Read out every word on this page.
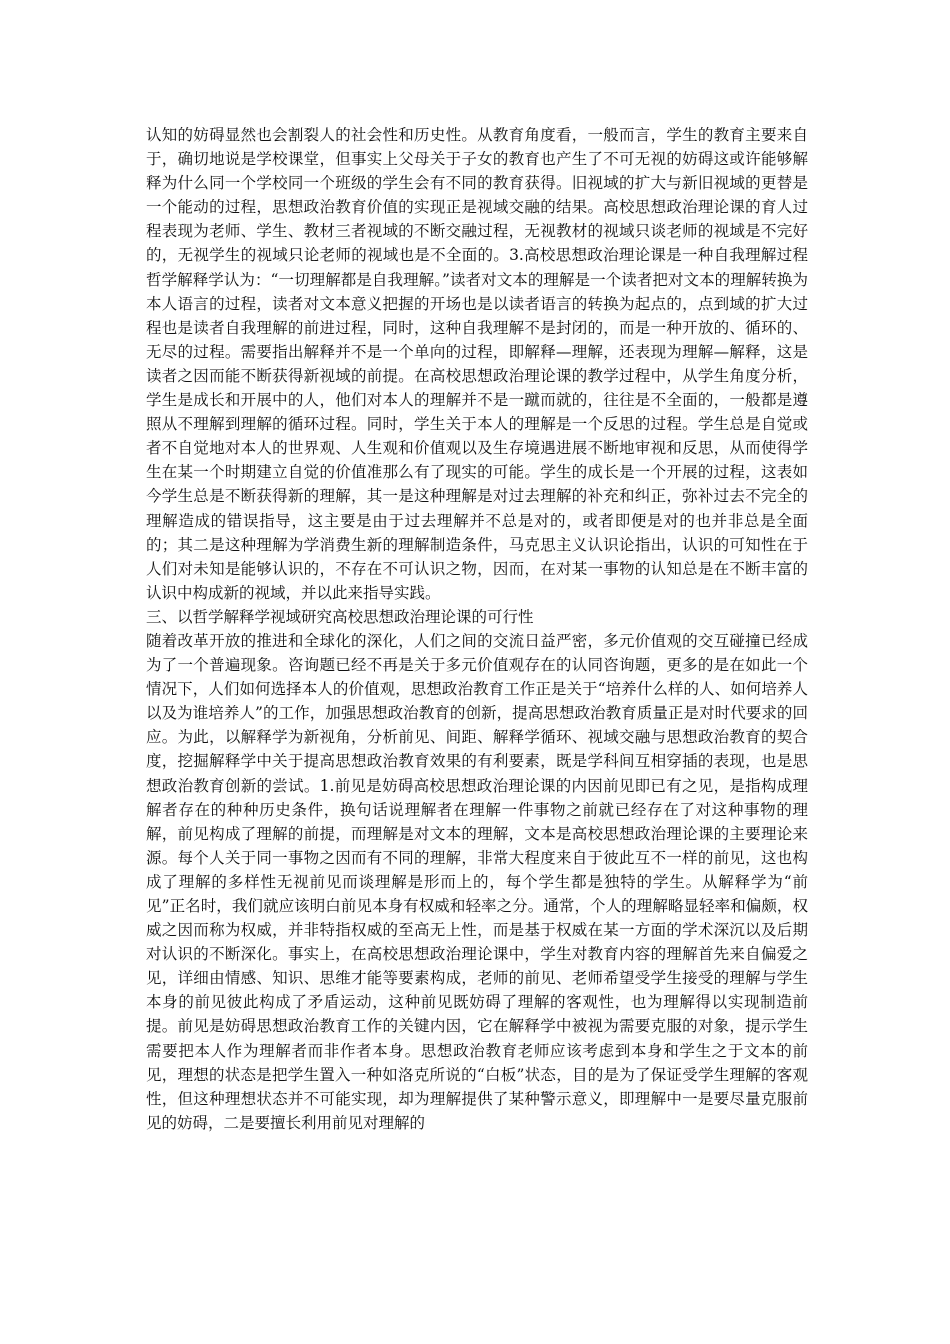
认知的妨碍显然也会割裂人的社会性和历史性。从教育角度看，一般而言，学生的教育主要来自于，确切地说是学校课堂，但事实上父母关于子女的教育也产生了不可无视的妨碍这或许能够解释为什么同一个学校同一个班级的学生会有不同的教育获得。旧视域的扩大与新旧视域的更替是一个能动的过程，思想政治教育价值的实现正是视域交融的结果。高校思想政治理论课的育人过程表现为老师、学生、教材三者视域的不断交融过程，无视教材的视域只谈老师的视域是不完好的，无视学生的视域只论老师的视域也是不全面的。3.高校思想政治理论课是一种自我理解过程哲学解释学认为：“一切理解都是自我理解。”读者对文本的理解是一个读者把对文本的理解转换为本人语言的过程，读者对文本意义把握的开场也是以读者语言的转换为起点的，点到域的扩大过程也是读者自我理解的前进过程，同时，这种自我理解不是封闭的，而是一种开放的、循环的、无尽的过程。需要指出解释并不是一个单向的过程，即解释—理解，还表现为理解—解释，这是读者之因而能不断获得新视域的前提。在高校思想政治理论课的教学过程中，从学生角度分析，学生是成长和开展中的人，他们对本人的理解并不是一蹴而就的，往往是不全面的，一般都是遵照从不理解到理解的循环过程。同时，学生关于本人的理解是一个反思的过程。学生总是自觉或者不自觉地对本人的世界观、人生观和价值观以及生存境遇进展不断地审视和反思，从而使得学生在某一个时期建立自觉的价值准那么有了现实的可能。学生的成长是一个开展的过程，这表如今学生总是不断获得新的理解，其一是这种理解是对过去理解的补充和纠正，弥补过去不完全的理解造成的错误指导，这主要是由于过去理解并不总是对的，或者即便是对的也并非总是全面的；其二是这种理解为学消费生新的理解制造条件，马克思主义认识论指出，认识的可知性在于人们对未知是能够认识的，不存在不可认识之物，因而，在对某一事物的认知总是在不断丰富的认识中构成新的视域，并以此来指导实践。

三、以哲学解释学视域研究高校思想政治理论课的可行性

随着改革开放的推进和全球化的深化，人们之间的交流日益严密，多元价值观的交互碰撞已经成为了一个普遍现象。咨询题已经不再是关于多元价值观存在的认同咨询题，更多的是在如此一个情况下，人们如何选择本人的价值观，思想政治教育工作正是关于“培养什么样的人、如何培养人以及为谁培养人”的工作，加强思想政治教育的创新，提高思想政治教育质量正是对时代要求的回应。为此，以解释学为新视角，分析前见、间距、解释学循环、视域交融与思想政治教育的契合度，挖掘解释学中关于提高思想政治教育效果的有利要素，既是学科间互相穿插的表现，也是思想政治教育创新的尝试。1.前见是妨碍高校思想政治理论课的内因前见即已有之见，是指构成理解者存在的种种历史条件，换句话说理解者在理解一件事物之前就已经存在了对这种事物的理解，前见构成了理解的前提，而理解是对文本的理解，文本是高校思想政治理论课的主要理论来源。每个人关于同一事物之因而有不同的理解，非常大程度来自于彼此互不一样的前见，这也构成了理解的多样性无视前见而谈理解是形而上的，每个学生都是独特的学生。从解释学为“前见”正名时，我们就应该明白前见本身有权威和轻率之分。通常，个人的理解略显轻率和偏颇，权威之因而称为权威，并非特指权威的至高无上性，而是基于权威在某一方面的学术深沉以及后期对认识的不断深化。事实上，在高校思想政治理论课中，学生对教育内容的理解首先来自偏爱之见，详细由情感、知识、思维才能等要素构成，老师的前见、老师希望受学生接受的理解与学生本身的前见彼此构成了矛盾运动，这种前见既妨碍了理解的客观性，也为理解得以实现制造前提。前见是妨碍思想政治教育工作的关键内因，它在解释学中被视为需要克服的对象，提示学生需要把本人作为理解者而非作者本身。思想政治教育老师应该考虑到本身和学生之于文本的前见，理想的状态是把学生置入一种如洛克所说的“白板”状态，目的是为了保证受学生理解的客观性，但这种理想状态并不可能实现，却为理解提供了某种警示意义，即理解中一是要尽量克服前见的妨碍，二是要擅长利用前见对理解的
